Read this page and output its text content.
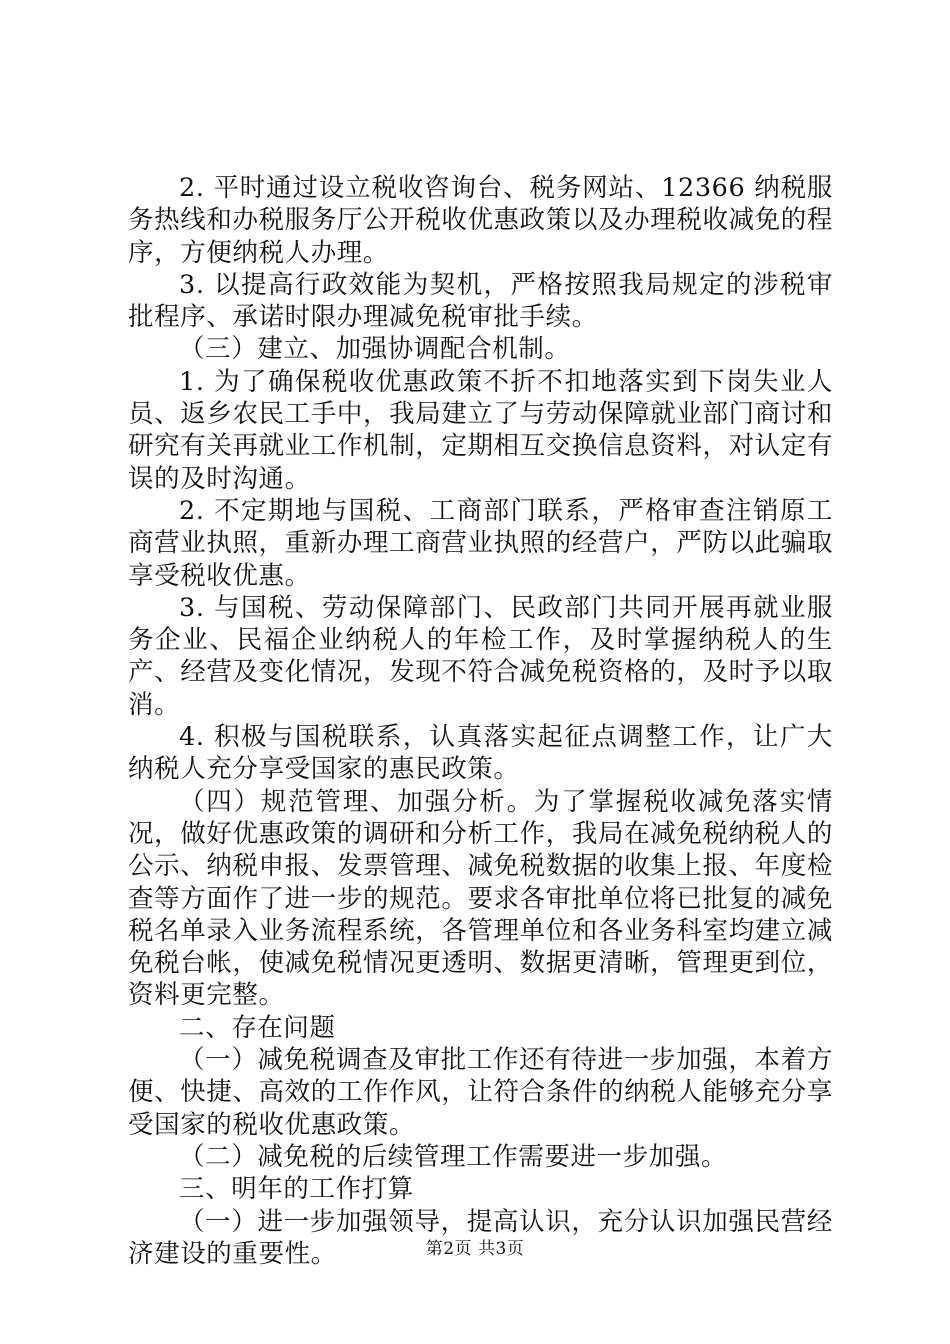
2. 平时通过设立税收咨询台、税务网站、12366 纳税服务热线和办税服务厅公开税收优惠政策以及办理税收减免的程序，方便纳税人办理。

3. 以提高行政效能为契机，严格按照我局规定的涉税审批程序、承诺时限办理减免税审批手续。

（三）建立、加强协调配合机制。

1. 为了确保税收优惠政策不折不扣地落实到下岗失业人员、返乡农民工手中，我局建立了与劳动保障就业部门商讨和研究有关再就业工作机制，定期相互交换信息资料，对认定有误的及时沟通。

2. 不定期地与国税、工商部门联系，严格审查注销原工商营业执照，重新办理工商营业执照的经营户，严防以此骗取享受税收优惠。

3. 与国税、劳动保障部门、民政部门共同开展再就业服务企业、民福企业纳税人的年检工作，及时掌握纳税人的生产、经营及变化情况，发现不符合减免税资格的，及时予以取消。

4. 积极与国税联系，认真落实起征点调整工作，让广大纳税人充分享受国家的惠民政策。

（四）规范管理、加强分析。为了掌握税收减免落实情况，做好优惠政策的调研和分析工作，我局在减免税纳税人的公示、纳税申报、发票管理、减免税数据的收集上报、年度检查等方面作了进一步的规范。要求各审批单位将已批复的减免税名单录入业务流程系统，各管理单位和各业务科室均建立减免税台帐，使减免税情况更透明、数据更清晰，管理更到位，资料更完整。

二、存在问题

（一）减免税调查及审批工作还有待进一步加强，本着方便、快捷、高效的工作作风，让符合条件的纳税人能够充分享受国家的税收优惠政策。

（二）减免税的后续管理工作需要进一步加强。

三、明年的工作打算

（一）进一步加强领导，提高认识，充分认识加强民营经济建设的重要性。	第2页 共3页
